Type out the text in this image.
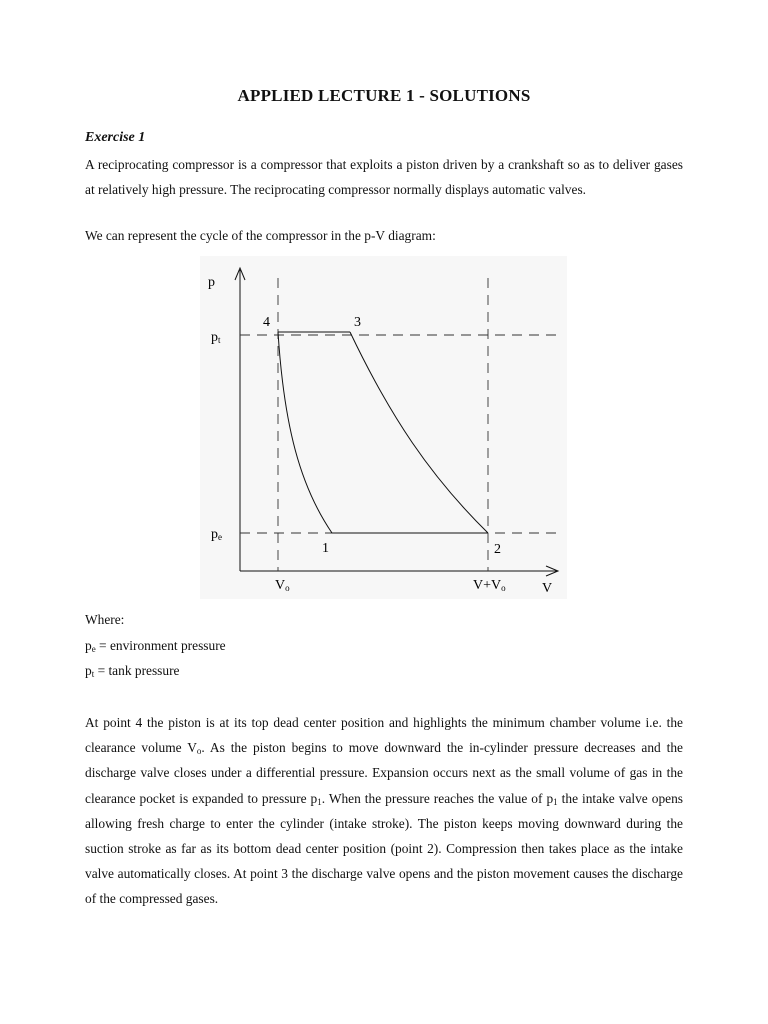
APPLIED LECTURE 1 - SOLUTIONS
Exercise 1

A reciprocating compressor is a compressor that exploits a piston driven by a crankshaft so as to deliver gases at relatively high pressure. The reciprocating compressor normally displays automatic valves.

We can represent the cycle of the compressor in the p-V diagram:

p
V
pt
pe
Vo	V+Vo
4	3
1	2

Where:

$p_e$ = environment pressure

$p_t = \tan k$ pressure

At point 4 the piston is at its top dead center position and highlights the minimum chamber volume i.e. the clearance volume $V_o$. As the piston begins to move downward the in-cylinder pressure decreases and the discharge valve closes under a differential pressure. Expansion occurs next as the small volume of gas in the clearance pocket is expanded to pressure $p_1$. When the pressure reaches the value of $p_1$ the intake valve opens allowing fresh charge to enter the cylinder (intake stroke). The piston keeps moving downward during the suction stroke as far as its bottom dead center position (point 2). Compression then takes place as the intake valve automatically closes. At point 3 the discharge valve opens and the piston movement causes the discharge of the compressed gases.
